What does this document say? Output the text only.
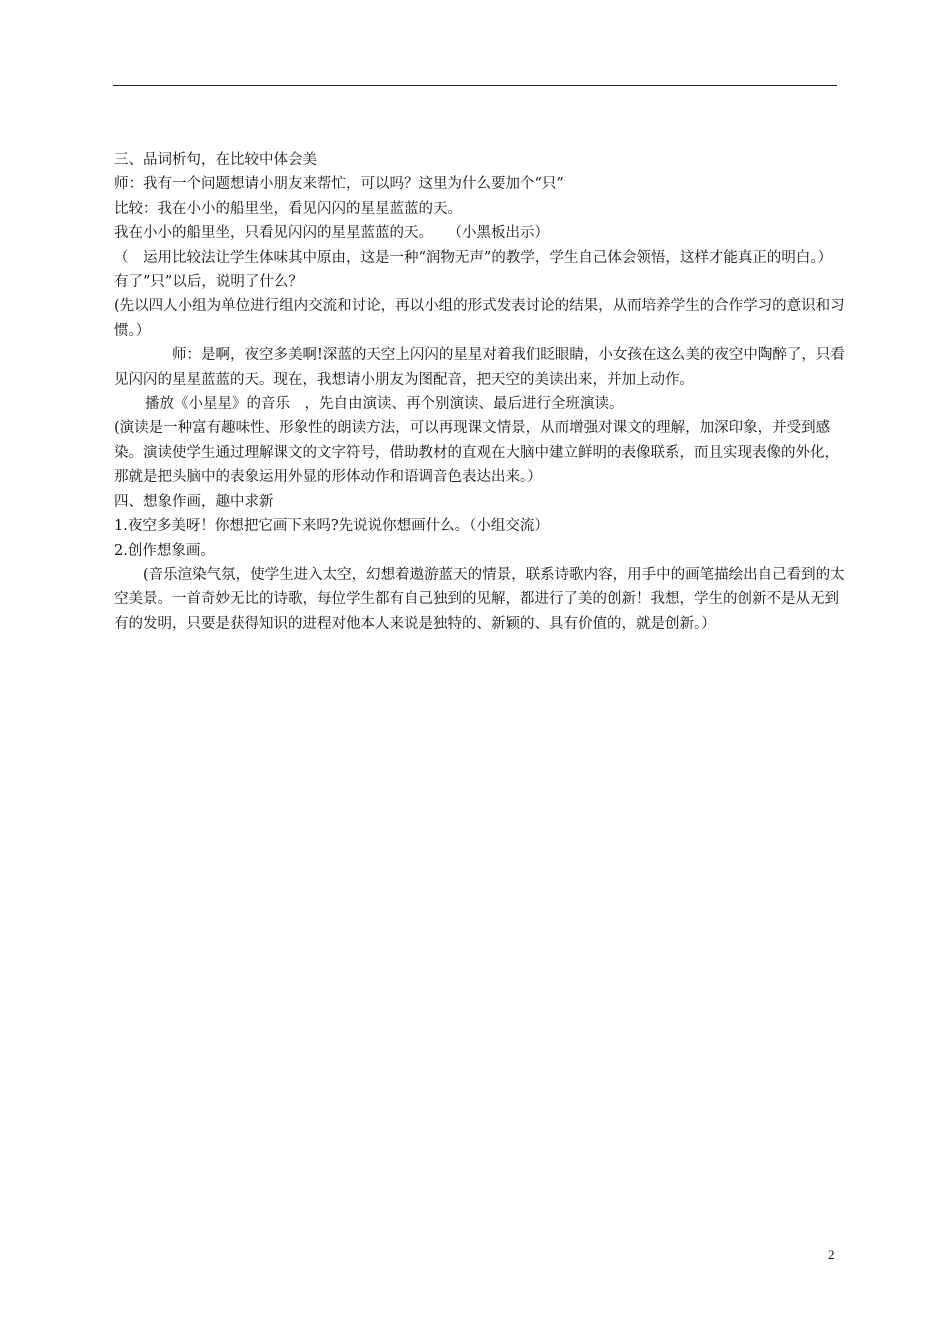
三、品词析句，在比较中体会美

师：我有一个问题想请小朋友来帮忙，可以吗？这里为什么要加个“只”

比较：我在小小的船里坐，看见闪闪的星星蓝蓝的天。

我在小小的船里坐，只看见闪闪的星星蓝蓝的天。　　（小黑板出示）

（　运用比较法让学生体味其中原由，这是一种“润物无声”的教学，学生自己体会领悟，这样才能真正的明白。）

有了”只”以后，说明了什么？

(先以四人小组为单位进行组内交流和讨论，再以小组的形式发表讨论的结果，从而培养学生的合作学习的意识和习惯。）

师：是啊，夜空多美啊!深蓝的天空上闪闪的星星对着我们眨眼睛，小女孩在这么美的夜空中陶醉了，只看见闪闪的星星蓝蓝的天。现在，我想请小朋友为图配音，把天空的美读出来，并加上动作。

播放《小星星》的音乐　，先自由演读、再个别演读、最后进行全班演读。

(演读是一种富有趣味性、形象性的朗读方法，可以再现课文情景，从而增强对课文的理解，加深印象，并受到感染。演读使学生通过理解课文的文字符号，借助教材的直观在大脑中建立鲜明的表像联系，而且实现表像的外化，那就是把头脑中的表象运用外显的形体动作和语调音色表达出来。）

四、想象作画，趣中求新

1.夜空多美呀！你想把它画下来吗?先说说你想画什么。（小组交流）

2.创作想象画。

(音乐渲染气氛，使学生进入太空，幻想着遨游蓝天的情景，联系诗歌内容，用手中的画笔描绘出自己看到的太空美景。一首奇妙无比的诗歌，每位学生都有自己独到的见解，都进行了美的创新！我想，学生的创新不是从无到有的发明，只要是获得知识的进程对他本人来说是独特的、新颖的、具有价值的，就是创新。）

2
